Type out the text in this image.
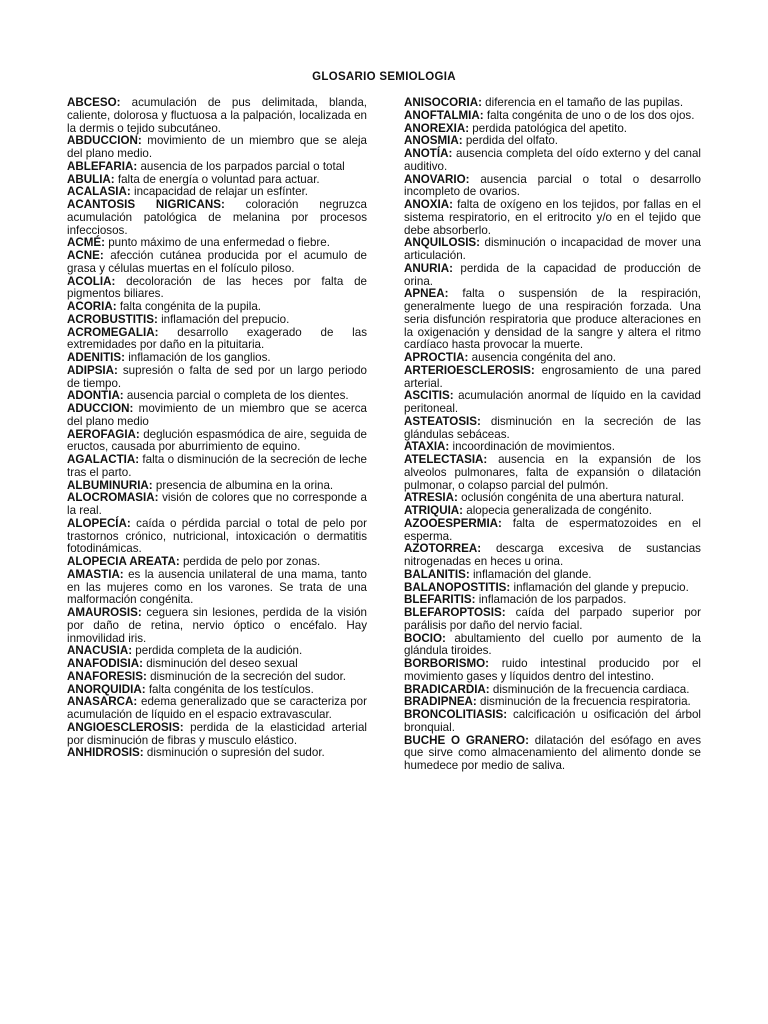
GLOSARIO SEMIOLOGIA

ABCESO: acumulación de pus delimitada, blanda, caliente, dolorosa y fluctuosa a la palpación, localizada en la dermis o tejido subcutáneo.

ABDUCCION: movimiento de un miembro que se aleja del plano medio.

ABLEFARIA: ausencia de los parpados parcial o total

ABULIA: falta de energía o voluntad para actuar.

ACALASIA: incapacidad de relajar un esfínter.

ACANTOSIS NIGRICANS: coloración negruzca acumulación patológica de melanina por procesos infecciosos.

ACMÉ: punto máximo de una enfermedad o fiebre.

ACNE: afección cutánea producida por el acumulo de grasa y células muertas en el folículo piloso.

ACOLIA: decoloración de las heces por falta de pigmentos biliares.

ACORIA: falta congénita de la pupila.

ACROBUSTITIS: inflamación del prepucio.

ACROMEGALIA: desarrollo exagerado de las extremidades por daño en la pituitaria.

ADENITIS: inflamación de los ganglios.

ADIPSIA: supresión o falta de sed por un largo periodo de tiempo.

ADONTIA: ausencia parcial o completa de los dientes.

ADUCCION: movimiento de un miembro que se acerca del plano medio

AEROFAGIA: deglución espasmódica de aire, seguida de eructos, causada por aburrimiento de equino.

AGALACTIA: falta o disminución de la secreción de leche tras el parto.

ALBUMINURIA: presencia de albumina en la orina.

ALOCROMASIA: visión de colores que no corresponde a la real.

ALOPECÍA: caída o pérdida parcial o total de pelo por trastornos crónico, nutricional, intoxicación o dermatitis fotodinámicas.

ALOPECIA AREATA: perdida de pelo por zonas.

AMASTIA: es la ausencia unilateral de una mama, tanto en las mujeres como en los varones. Se trata de una malformación congénita.

AMAUROSIS: ceguera sin lesiones, perdida de la visión por daño de retina, nervio óptico o encéfalo. Hay inmovilidad iris.

ANACUSIA: perdida completa de la audición.

ANAFODISIA: disminución del deseo sexual

ANAFORESIS: disminución de la secreción del sudor.

ANORQUIDIA: falta congénita de los testículos.

ANASARCA: edema generalizado que se caracteriza por acumulación de líquido en el espacio extravascular.

ANGIOESCLEROSIS: perdida de la elasticidad arterial por disminución de fibras y musculo elástico.

ANHIDROSIS: disminución o supresión del sudor.

ANISOCORIA: diferencia en el tamaño de las pupilas.

ANOFTALMIA: falta congénita de uno o de los dos ojos.

ANOREXIA: perdida patológica del apetito.

ANOSMIA: perdida del olfato.

ANOTÍA: ausencia completa del oído externo y del canal auditivo.

ANOVARIO: ausencia parcial o total o desarrollo incompleto de ovarios.

ANOXIA: falta de oxígeno en los tejidos, por fallas en el sistema respiratorio, en el eritrocito y/o en el tejido que debe absorberlo.

ANQUILOSIS: disminución o incapacidad de mover una articulación.

ANURIA: perdida de la capacidad de producción de orina.

APNEA: falta o suspensión de la respiración, generalmente luego de una respiración forzada. Una seria disfunción respiratoria que produce alteraciones en la oxigenación y densidad de la sangre y altera el ritmo cardíaco hasta provocar la muerte.

APROCTIA: ausencia congénita del ano.

ARTERIOESCLEROSIS: engrosamiento de una pared arterial.

ASCITIS: acumulación anormal de líquido en la cavidad peritoneal.

ASTEATOSIS: disminución en la secreción de las glándulas sebáceas.

ATAXIA: incoordinación de movimientos.

ATELECTASIA: ausencia en la expansión de los alveolos pulmonares, falta de expansión o dilatación pulmonar, o colapso parcial del pulmón.

ATRESIA: oclusión congénita de una abertura natural.

ATRIQUIA: alopecia generalizada de congénito.

AZOOESPERMIA: falta de espermatozoides en el esperma.

AZOTORREA: descarga excesiva de sustancias nitrogenadas en heces u orina.

BALANITIS: inflamación del glande.

BALANOPOSTITIS: inflamación del glande y prepucio.

BLEFARITIS: inflamación de los parpados.

BLEFAROPTOSIS: caída del parpado superior por parálisis por daño del nervio facial.

BOCIO: abultamiento del cuello por aumento de la glándula tiroides.

BORBORISMO: ruido intestinal producido por el movimiento gases y líquidos dentro del intestino.

BRADICARDIA: disminución de la frecuencia cardiaca.

BRADIPNEA: disminución de la frecuencia respiratoria.

BRONCOLITIASIS: calcificación u osificación del árbol bronquial.

BUCHE O GRANERO: dilatación del esófago en aves que sirve como almacenamiento del alimento donde se humedece por medio de saliva.
